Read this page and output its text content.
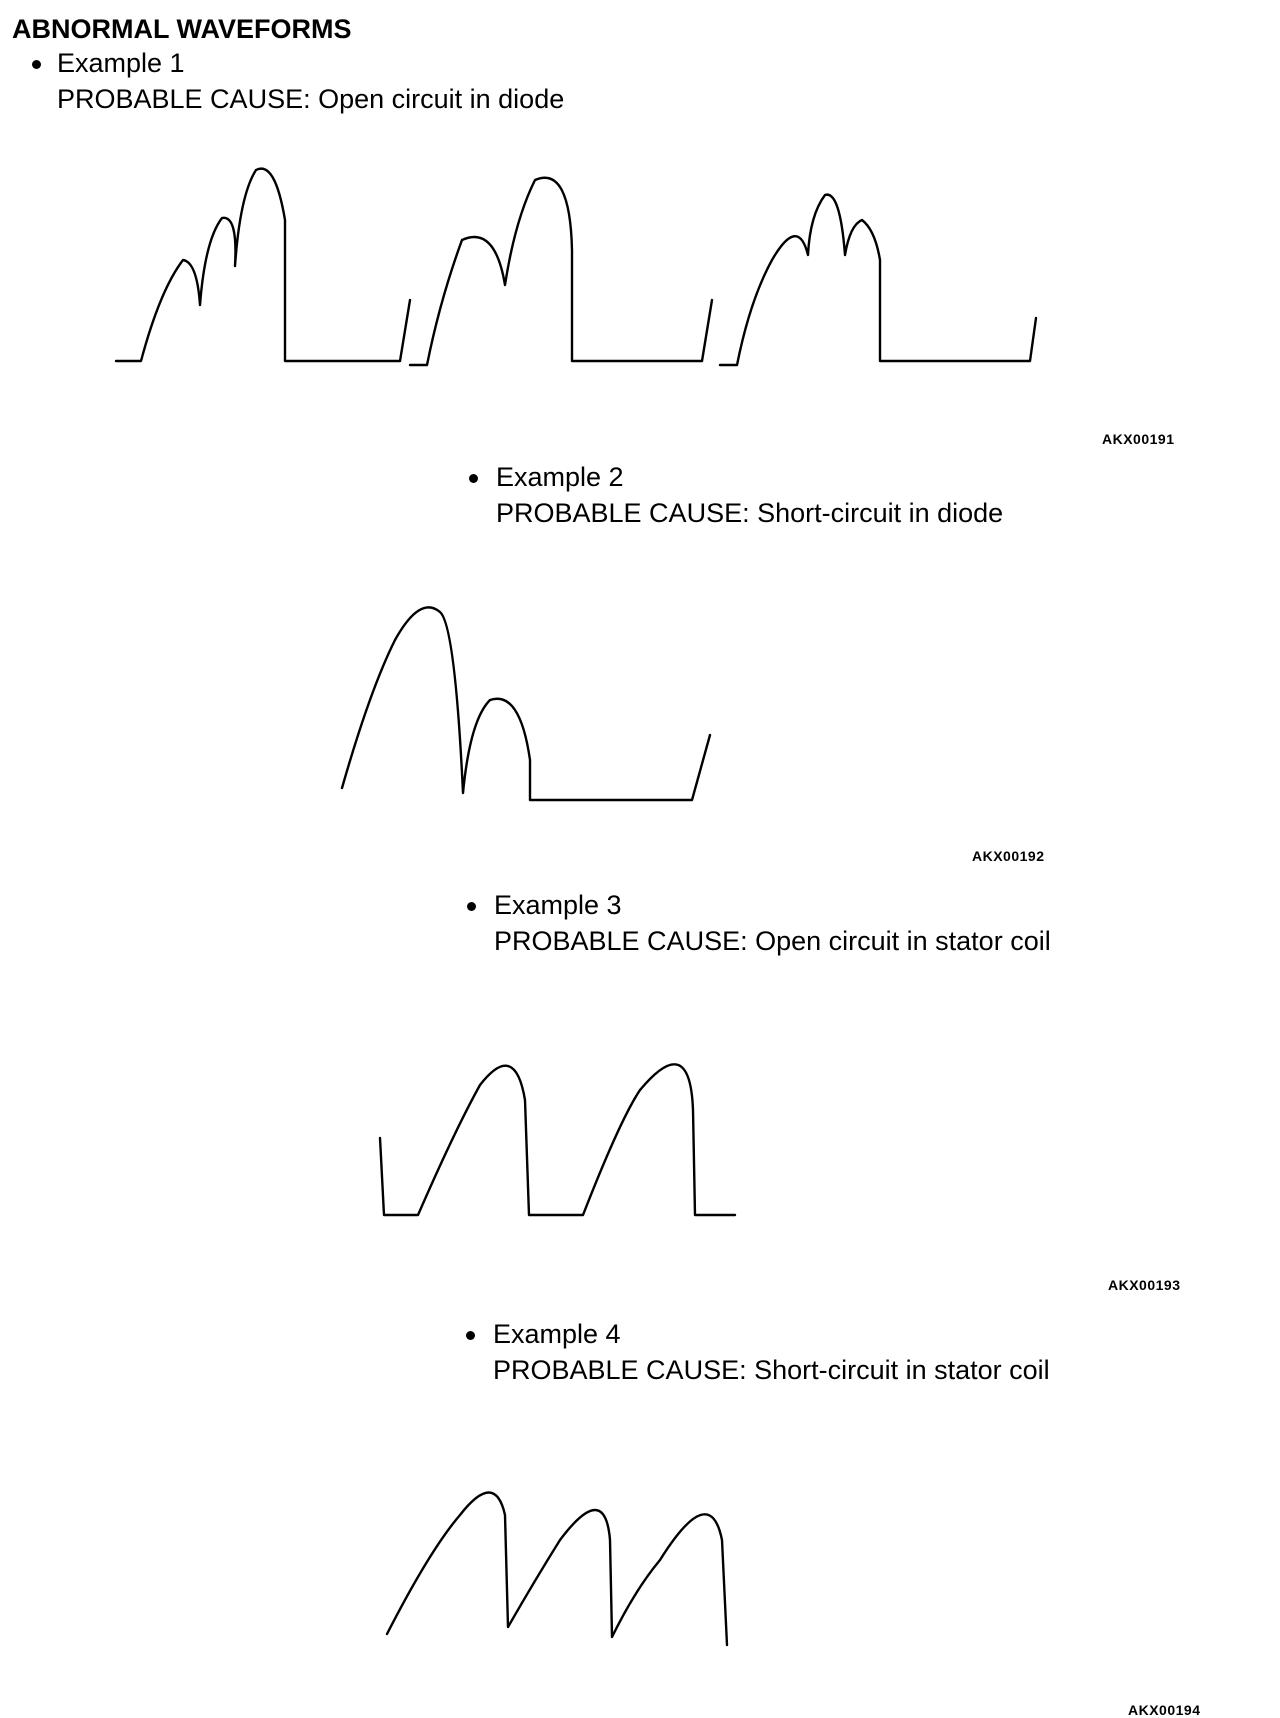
ABNORMAL WAVEFORMS
Example 1
PROBABLE CAUSE: Open circuit in diode
AKX00191
Example 2
PROBABLE CAUSE: Short-circuit in diode
AKX00192
Example 3
PROBABLE CAUSE: Open circuit in stator coil
AKX00193
Example 4
PROBABLE CAUSE: Short-circuit in stator coil
AKX00194
